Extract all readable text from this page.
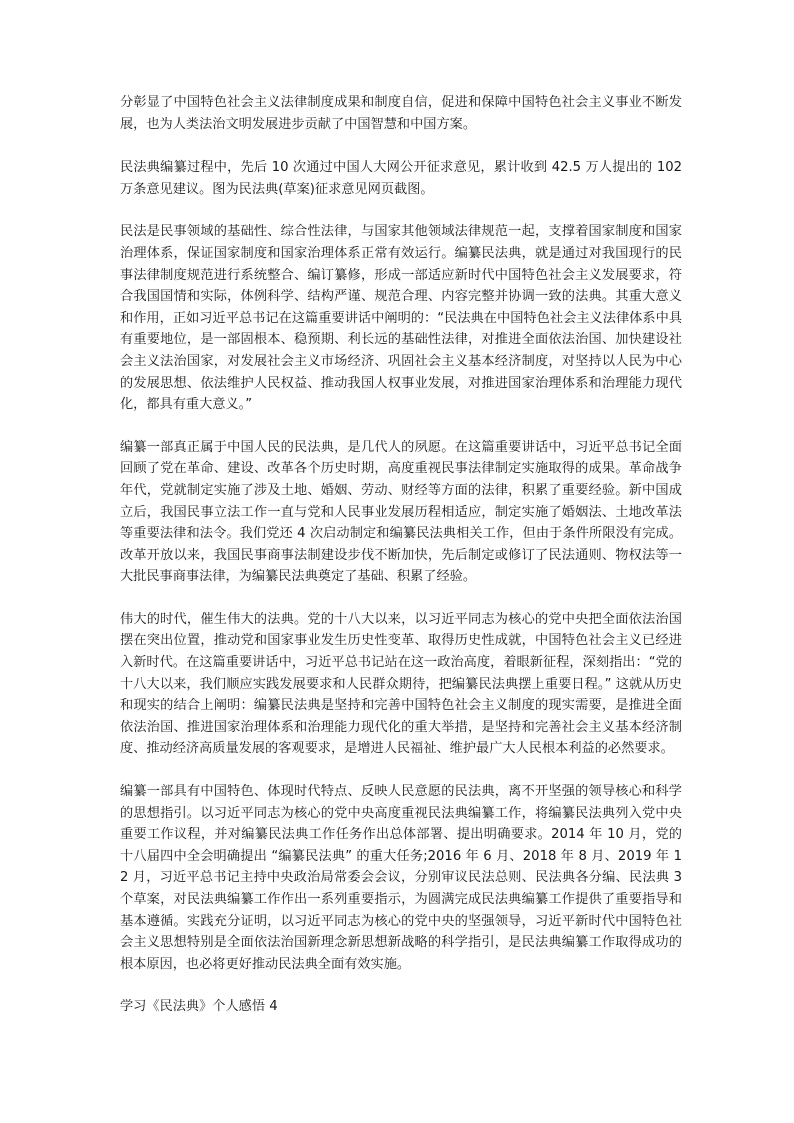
分彰显了中国特色社会主义法律制度成果和制度自信，促进和保障中国特色社会主义事业不断发展，也为人类法治文明发展进步贡献了中国智慧和中国方案。

民法典编纂过程中，先后 10 次通过中国人大网公开征求意见，累计收到 42.5 万人提出的 102 万条意见建议。图为民法典(草案)征求意见网页截图。

民法是民事领域的基础性、综合性法律，与国家其他领域法律规范一起，支撑着国家制度和国家治理体系，保证国家制度和国家治理体系正常有效运行。编纂民法典，就是通过对我国现行的民事法律制度规范进行系统整合、编订纂修，形成一部适应新时代中国特色社会主义发展要求，符合我国国情和实际，体例科学、结构严谨、规范合理、内容完整并协调一致的法典。其重大意义和作用，正如习近平总书记在这篇重要讲话中阐明的：“民法典在中国特色社会主义法律体系中具有重要地位，是一部固根本、稳预期、利长远的基础性法律，对推进全面依法治国、加快建设社会主义法治国家，对发展社会主义市场经济、巩固社会主义基本经济制度，对坚持以人民为中心的发展思想、依法维护人民权益、推动我国人权事业发展，对推进国家治理体系和治理能力现代化，都具有重大意义。”

编纂一部真正属于中国人民的民法典，是几代人的夙愿。在这篇重要讲话中，习近平总书记全面回顾了党在革命、建设、改革各个历史时期，高度重视民事法律制定实施取得的成果。革命战争年代，党就制定实施了涉及土地、婚姻、劳动、财经等方面的法律，积累了重要经验。新中国成立后，我国民事立法工作一直与党和人民事业发展历程相适应，制定实施了婚姻法、土地改革法等重要法律和法令。我们党还 4 次启动制定和编纂民法典相关工作，但由于条件所限没有完成。改革开放以来，我国民事商事法制建设步伐不断加快，先后制定或修订了民法通则、物权法等一大批民事商事法律，为编纂民法典奠定了基础、积累了经验。

伟大的时代，催生伟大的法典。党的十八大以来，以习近平同志为核心的党中央把全面依法治国摆在突出位置，推动党和国家事业发生历史性变革、取得历史性成就，中国特色社会主义已经进入新时代。在这篇重要讲话中，习近平总书记站在这一政治高度，着眼新征程，深刻指出：“党的十八大以来，我们顺应实践发展要求和人民群众期待，把编纂民法典摆上重要日程。” 这就从历史和现实的结合上阐明：编纂民法典是坚持和完善中国特色社会主义制度的现实需要，是推进全面依法治国、推进国家治理体系和治理能力现代化的重大举措，是坚持和完善社会主义基本经济制度、推动经济高质量发展的客观要求，是增进人民福祉、维护最广大人民根本利益的必然要求。

编纂一部具有中国特色、体现时代特点、反映人民意愿的民法典，离不开坚强的领导核心和科学的思想指引。以习近平同志为核心的党中央高度重视民法典编纂工作，将编纂民法典列入党中央重要工作议程，并对编纂民法典工作任务作出总体部署、提出明确要求。2014 年 10 月，党的十八届四中全会明确提出 “编纂民法典” 的重大任务;2016 年 6 月、2018 年 8 月、2019 年 12 月，习近平总书记主持中央政治局常委会会议，分别审议民法总则、民法典各分编、民法典 3 个草案，对民法典编纂工作作出一系列重要指示，为圆满完成民法典编纂工作提供了重要指导和基本遵循。实践充分证明，以习近平同志为核心的党中央的坚强领导，习近平新时代中国特色社会主义思想特别是全面依法治国新理念新思想新战略的科学指引，是民法典编纂工作取得成功的根本原因，也必将更好推动民法典全面有效实施。

学习《民法典》个人感悟 4
